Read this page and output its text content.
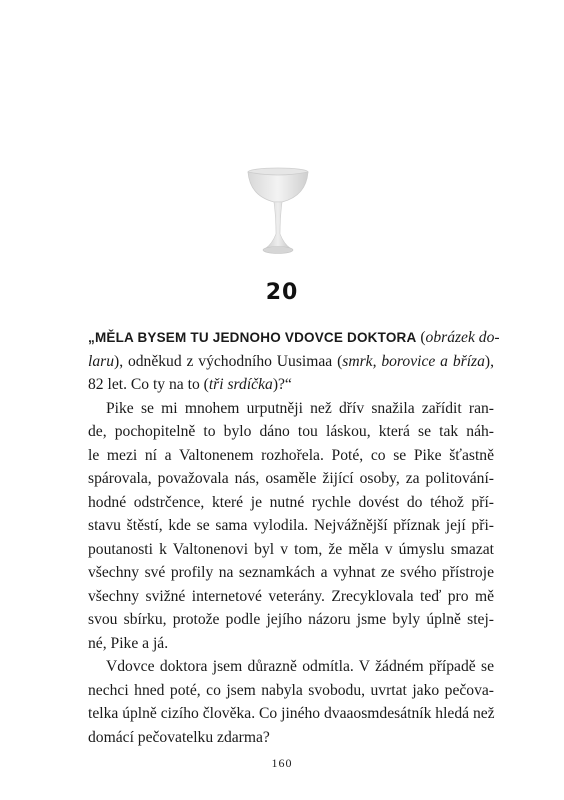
20
„MĚLA BYSEM TU JEDNOHO VDOVCE DOKTORA (obrázek do-
laru), odněkud z východního Uusimaa (smrk, borovice a bříza),
82 let. Co ty na to (tři srdíčka)?“
Pike se mi mnohem urputněji než dřív snažila zařídit ran-
de, pochopitelně to bylo dáno tou láskou, která se tak náh-
le mezi ní a Valtonenem rozhořela. Poté, co se Pike šťastně
spárovala, považovala nás, osaměle žijící osoby, za politování-
hodné odstrčence, které je nutné rychle dovést do téhož pří-
stavu štěstí, kde se sama vylodila. Nejvážnější příznak její při-
poutanosti k Valtonenovi byl v tom, že měla v úmyslu smazat
všechny své profily na seznamkách a vyhnat ze svého přístroje
všechny svižné internetové veterány. Zrecyklovala teď pro mě
svou sbírku, protože podle jejího názoru jsme byly úplně stej-
né, Pike a já.
Vdovce doktora jsem důrazně odmítla. V žádném případě se
nechci hned poté, co jsem nabyla svobodu, uvrtat jako pečova-
telka úplně cizího člověka. Co jiného dvaaosmdesátník hledá než
domácí pečovatelku zdarma?
160
